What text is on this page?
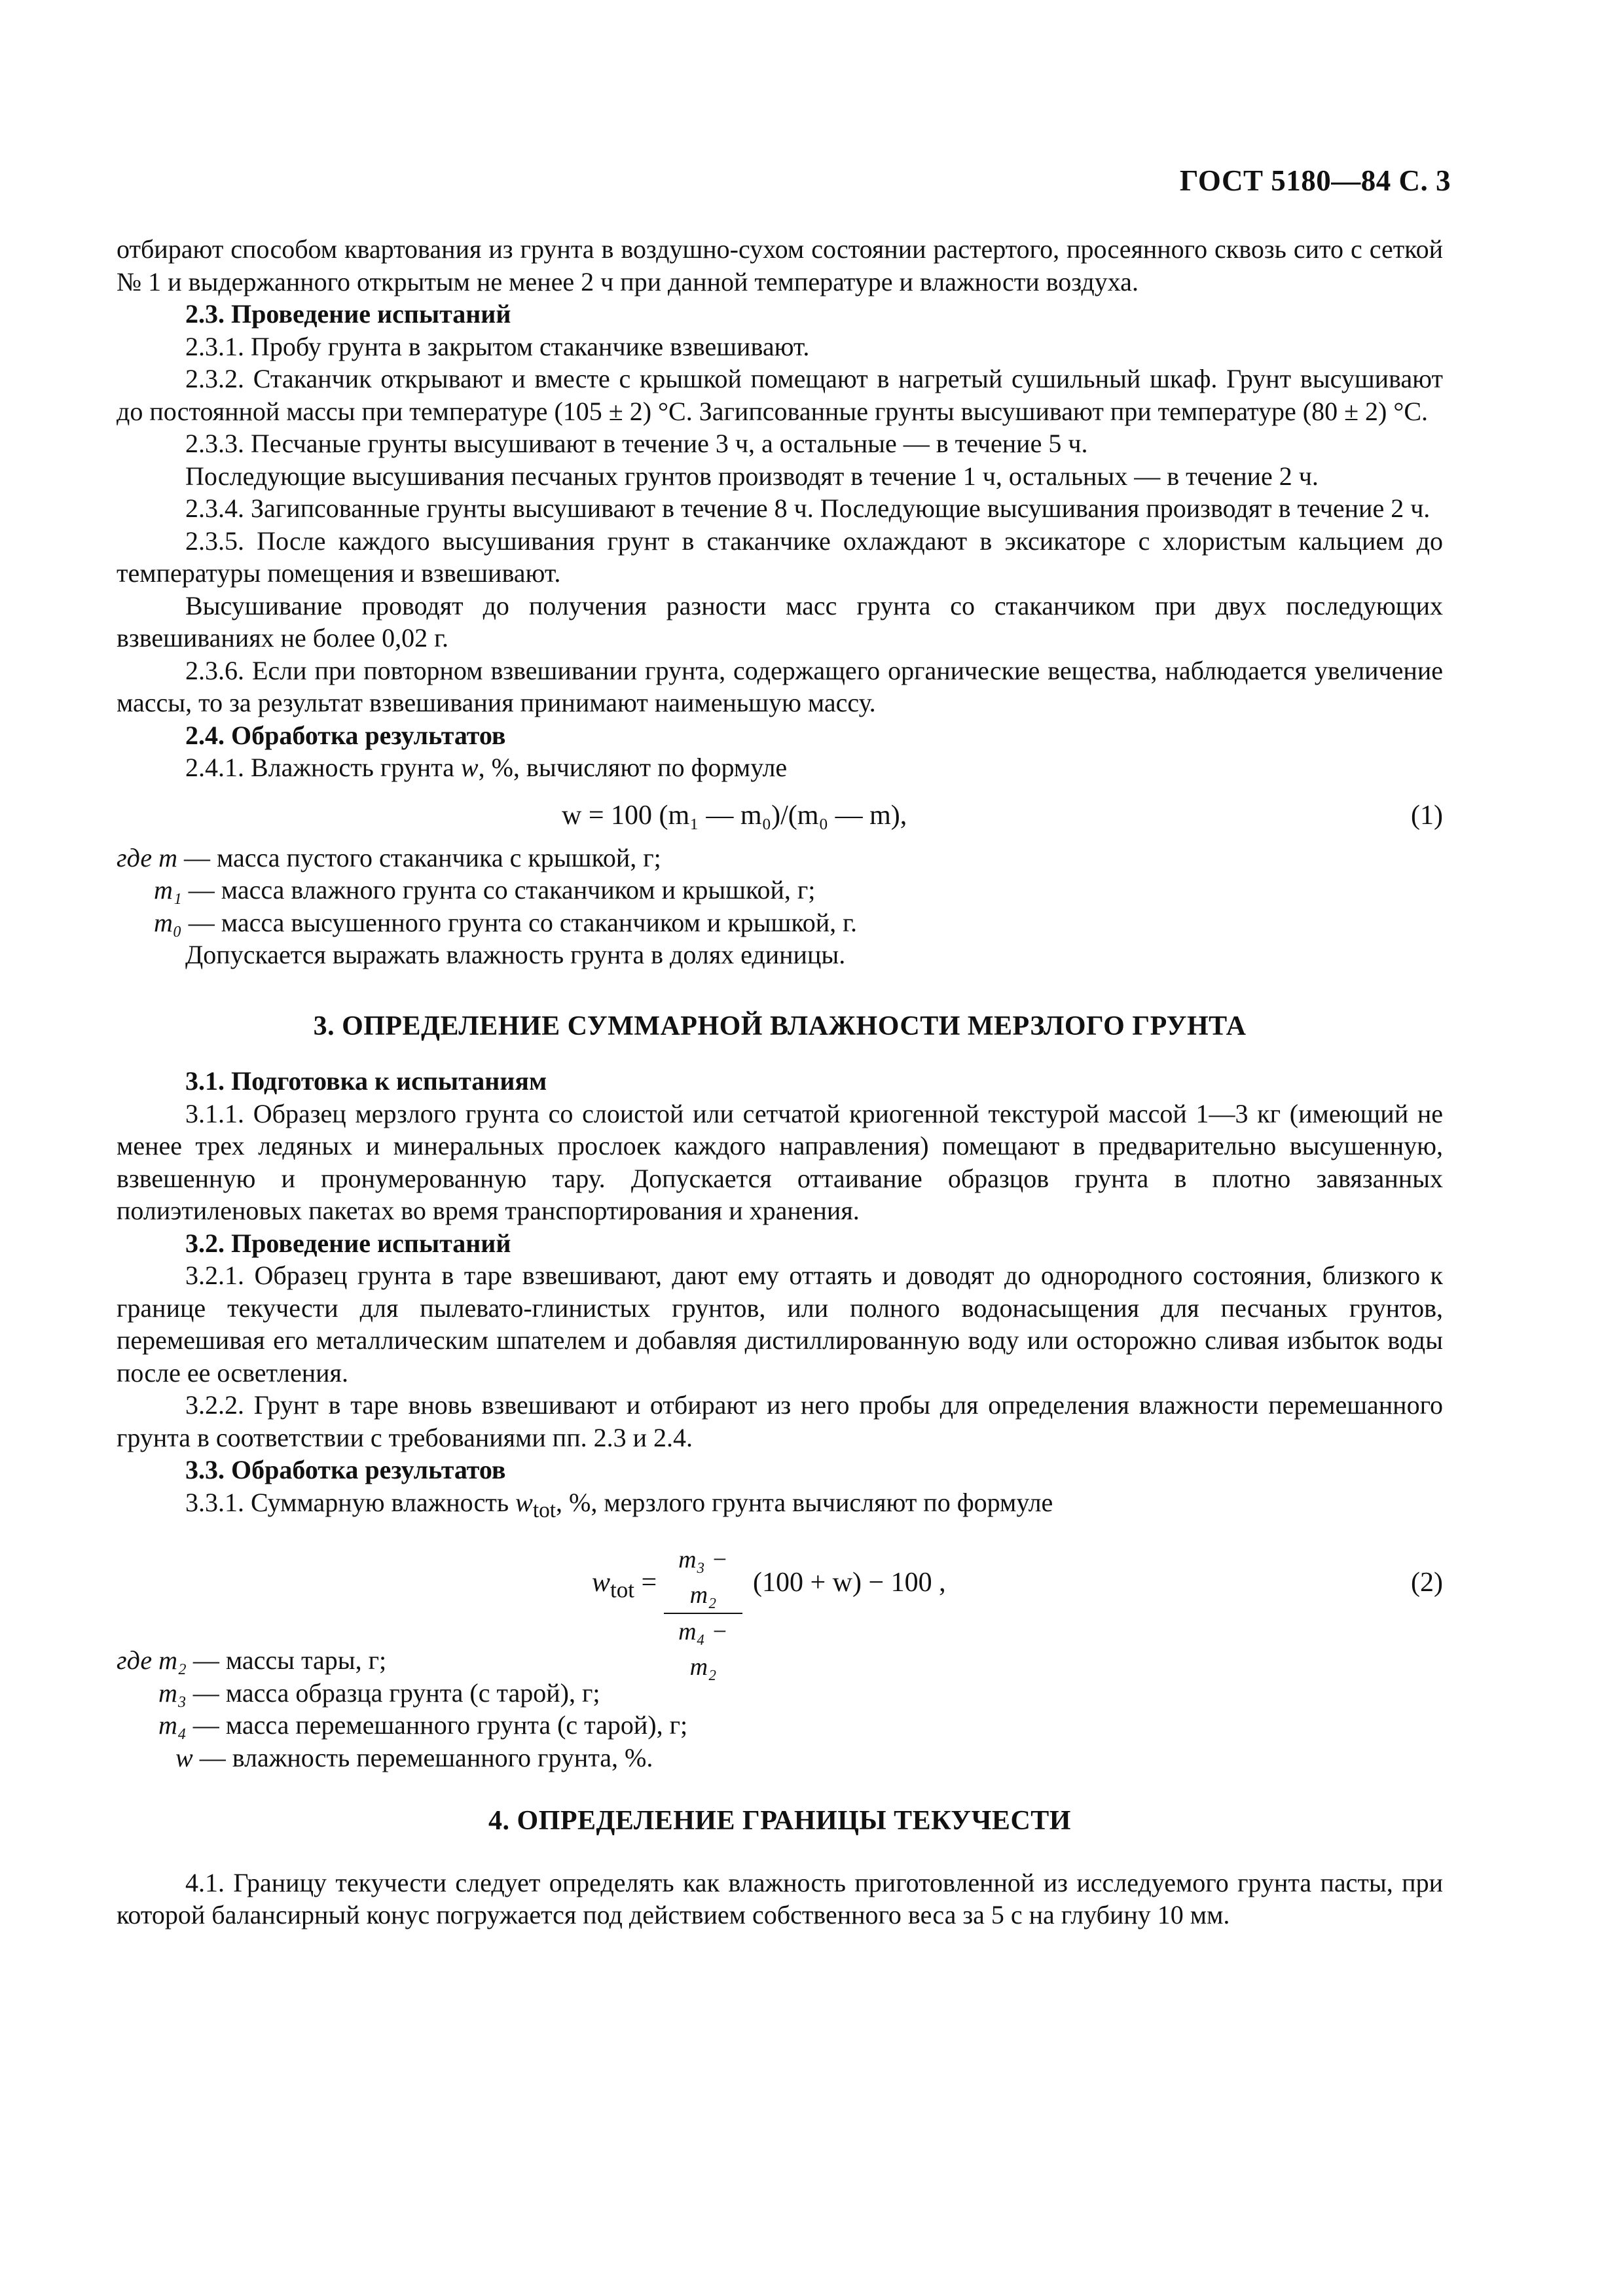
ГОСТ 5180—84 С. 3

отбирают способом квартования из грунта в воздушно-сухом состоянии растертого, просеянного сквозь сито с сеткой № 1 и выдержанного открытым не менее 2 ч при данной температуре и влажности воздуха.

2.3. Проведение испытаний

2.3.1. Пробу грунта в закрытом стаканчике взвешивают.

2.3.2. Стаканчик открывают и вместе с крышкой помещают в нагретый сушильный шкаф. Грунт высушивают до постоянной массы при температуре (105 ± 2) °С. Загипсованные грунты высушивают при температуре (80 ± 2) °С.

2.3.3. Песчаные грунты высушивают в течение 3 ч, а остальные — в течение 5 ч.

Последующие высушивания песчаных грунтов производят в течение 1 ч, остальных — в течение 2 ч.

2.3.4. Загипсованные грунты высушивают в течение 8 ч. Последующие высушивания производят в течение 2 ч.

2.3.5. После каждого высушивания грунт в стаканчике охлаждают в эксикаторе с хлористым кальцием до температуры помещения и взвешивают.

Высушивание проводят до получения разности масс грунта со стаканчиком при двух последующих взвешиваниях не более 0,02 г.

2.3.6. Если при повторном взвешивании грунта, содержащего органические вещества, наблюдается увеличение массы, то за результат взвешивания принимают наименьшую массу.

2.4. Обработка результатов

2.4.1. Влажность грунта w, %, вычисляют по формуле

w = 100 (m₁ — m₀)/(m₀ — m),	(1)

где m — масса пустого стаканчика с крышкой, г;

m₁ — масса влажного грунта со стаканчиком и крышкой, г;

m₀ — масса высушенного грунта со стаканчиком и крышкой, г.

Допускается выражать влажность грунта в долях единицы.

3. ОПРЕДЕЛЕНИЕ СУММАРНОЙ ВЛАЖНОСТИ МЕРЗЛОГО ГРУНТА

3.1. Подготовка к испытаниям

3.1.1. Образец мерзлого грунта со слоистой или сетчатой криогенной текстурой массой 1—3 кг (имеющий не менее трех ледяных и минеральных прослоек каждого направления) помещают в предварительно высушенную, взвешенную и пронумерованную тару. Допускается оттаивание образцов грунта в плотно завязанных полиэтиленовых пакетах во время транспортирования и хранения.

3.2. Проведение испытаний

3.2.1. Образец грунта в таре взвешивают, дают ему оттаять и доводят до однородного состояния, близкого к границе текучести для пылевато-глинистых грунтов, или полного водонасыщения для песчаных грунтов, перемешивая его металлическим шпателем и добавляя дистиллированную воду или осторожно сливая избыток воды после ее осветления.

3.2.2. Грунт в таре вновь взвешивают и отбирают из него пробы для определения влажности перемешанного грунта в соответствии с требованиями пп. 2.3 и 2.4.

3.3. Обработка результатов

3.3.1. Суммарную влажность $w_{tot}$, %, мерзлого грунта вычисляют по формуле

$w_{tot} = \frac{\text{m₃ − m₂}}{\text{m₄ − m₂}} (100 + w) - 100$ ,	(2)

где m₂ — массы тары, г;

m₃ — масса образца грунта (с тарой), г;

m₄ — масса перемешанного грунта (с тарой), г;

w — влажность перемешанного грунта, %.

4. ОПРЕДЕЛЕНИЕ ГРАНИЦЫ ТЕКУЧЕСТИ

4.1. Границу текучести следует определять как влажность приготовленной из исследуемого грунта пасты, при которой балансирный конус погружается под действием собственного веса за 5 с на глубину 10 мм.
